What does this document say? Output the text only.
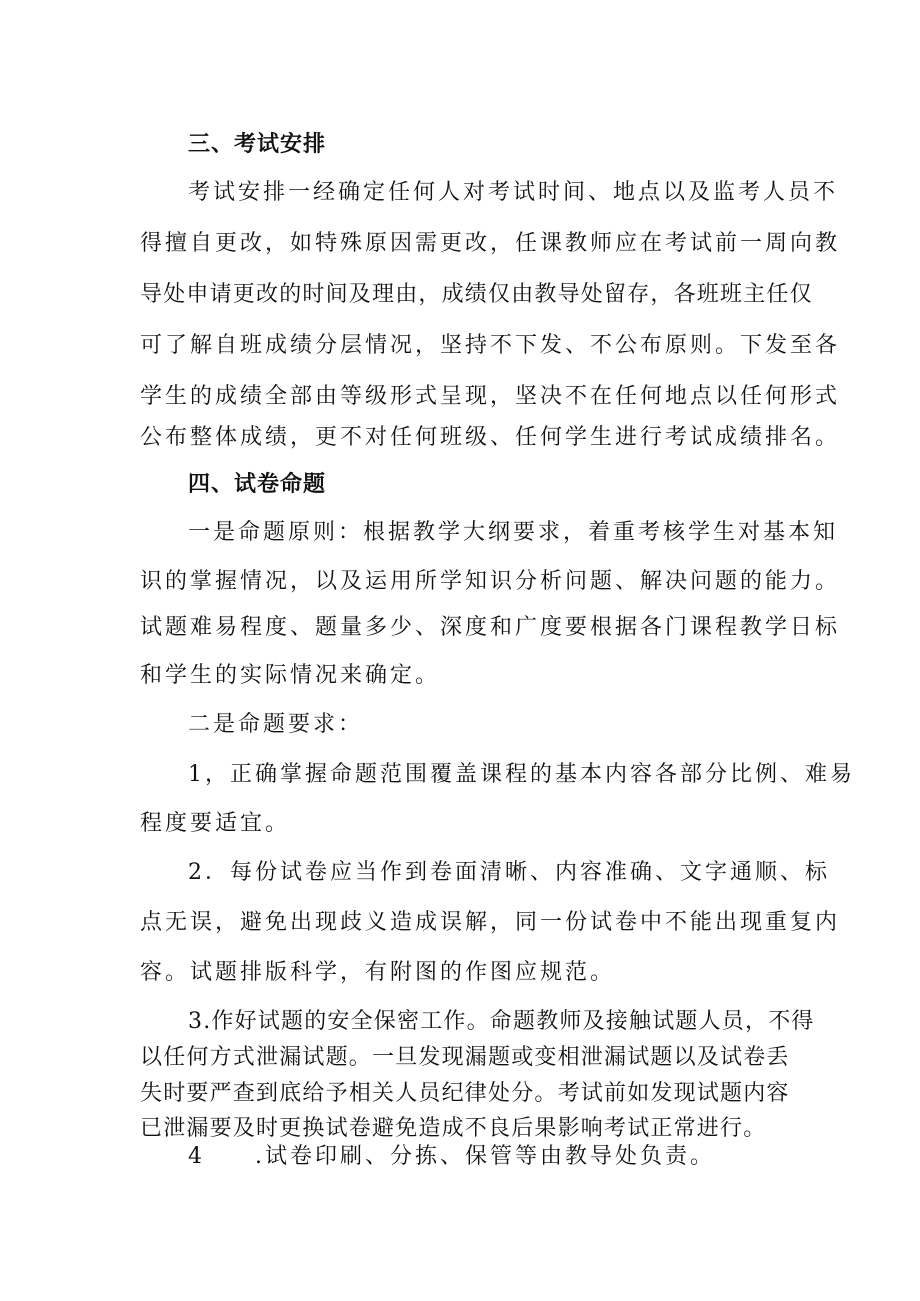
三、考试安排
考试安排一经确定任何人对考试时间、地点以及监考人员不
得擅自更改，如特殊原因需更改，任课教师应在考试前一周向教
导处申请更改的时间及理由，成绩仅由教导处留存，各班班主任仅
可了解自班成绩分层情况，坚持不下发、不公布原则。下发至各
学生的成绩全部由等级形式呈现，坚决不在任何地点以任何形式
公布整体成绩，更不对任何班级、任何学生进行考试成绩排名。
四、试卷命题
一是命题原则：根据教学大纲要求，着重考核学生对基本知
识的掌握情况，以及运用所学知识分析问题、解决问题的能力。
试题难易程度、题量多少、深度和广度要根据各门课程教学日标
和学生的实际情况来确定。
二是命题要求：
1，正确掌握命题范围覆盖课程的基本内容各部分比例、难易
程度要适宜。
2．每份试卷应当作到卷面清晰、内容准确、文字通顺、标
点无误，避免出现歧义造成误解，同一份试卷中不能出现重复内
容。试题排版科学，有附图的作图应规范。
3.作好试题的安全保密工作。命题教师及接触试题人员，不得
以任何方式泄漏试题。一旦发现漏题或变相泄漏试题以及试卷丢
失时要严查到底给予相关人员纪律处分。考试前如发现试题内容
已泄漏要及时更换试卷避免造成不良后果影响考试正常进行。
4　　.试卷印刷、分拣、保管等由教导处负责。
